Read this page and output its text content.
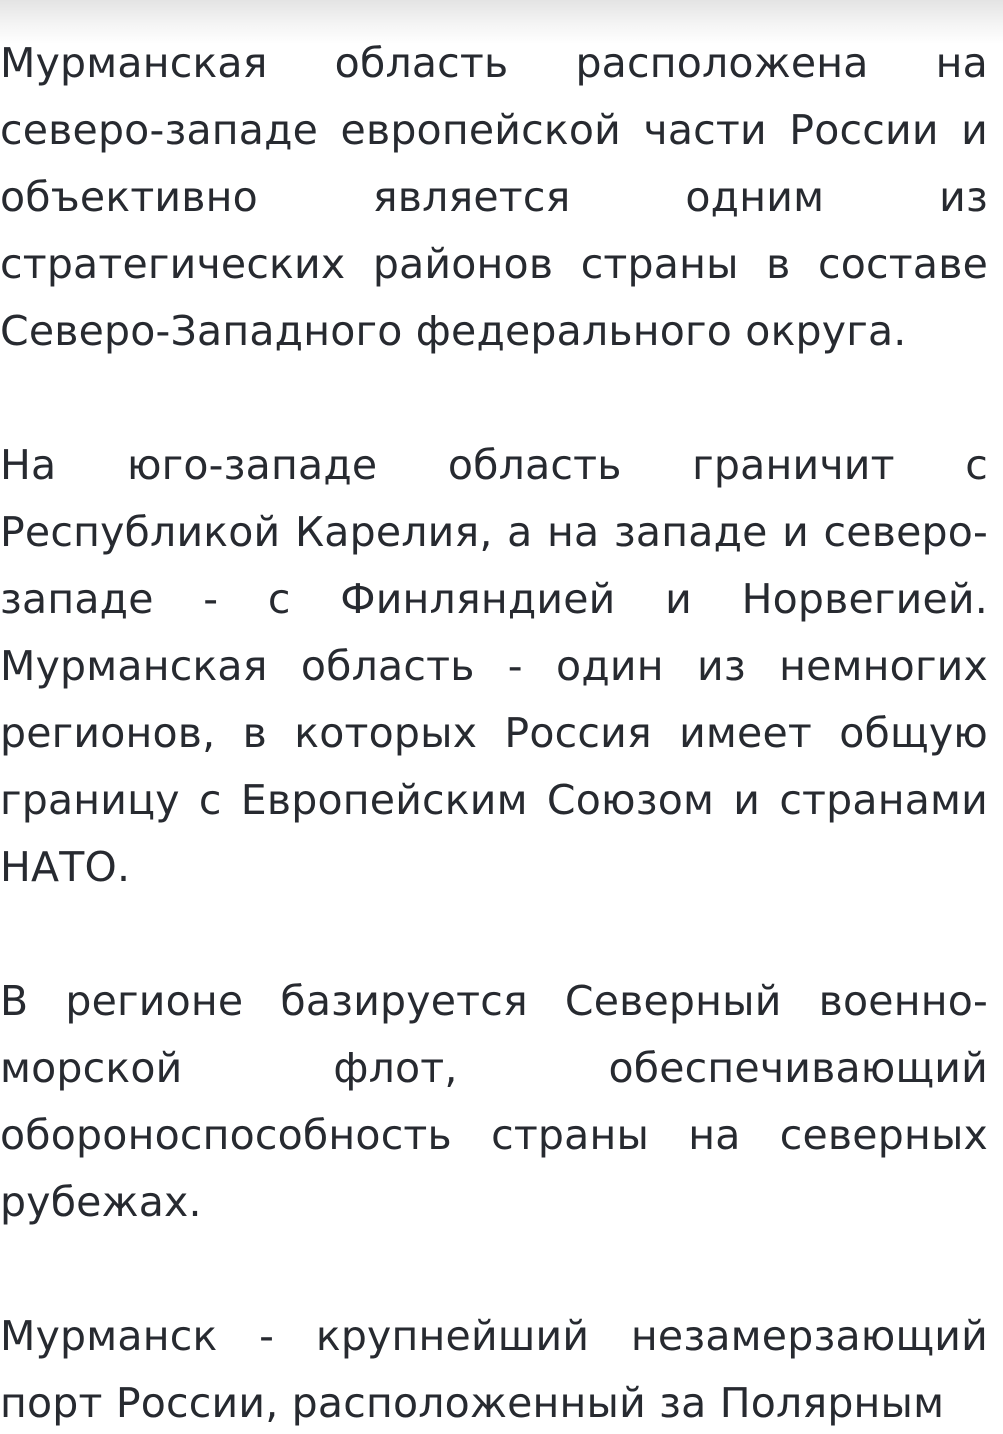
Мурманская область расположена на северо-западе европейской части России и объективно является одним из стратегических районов страны в составе Северо-Западного федерального округа.

На юго-западе область граничит с Республикой Карелия, а на западе и северо-западе - с Финляндией и Норвегией. Мурманская область - один из немногих регионов, в которых Россия имеет общую границу с Европейским Союзом и странами НАТО.

В регионе базируется Северный военно-морской флот, обеспечивающий обороноспособность страны на северных рубежах.

Мурманск - крупнейший незамерзающий порт России, расположенный за Полярным
